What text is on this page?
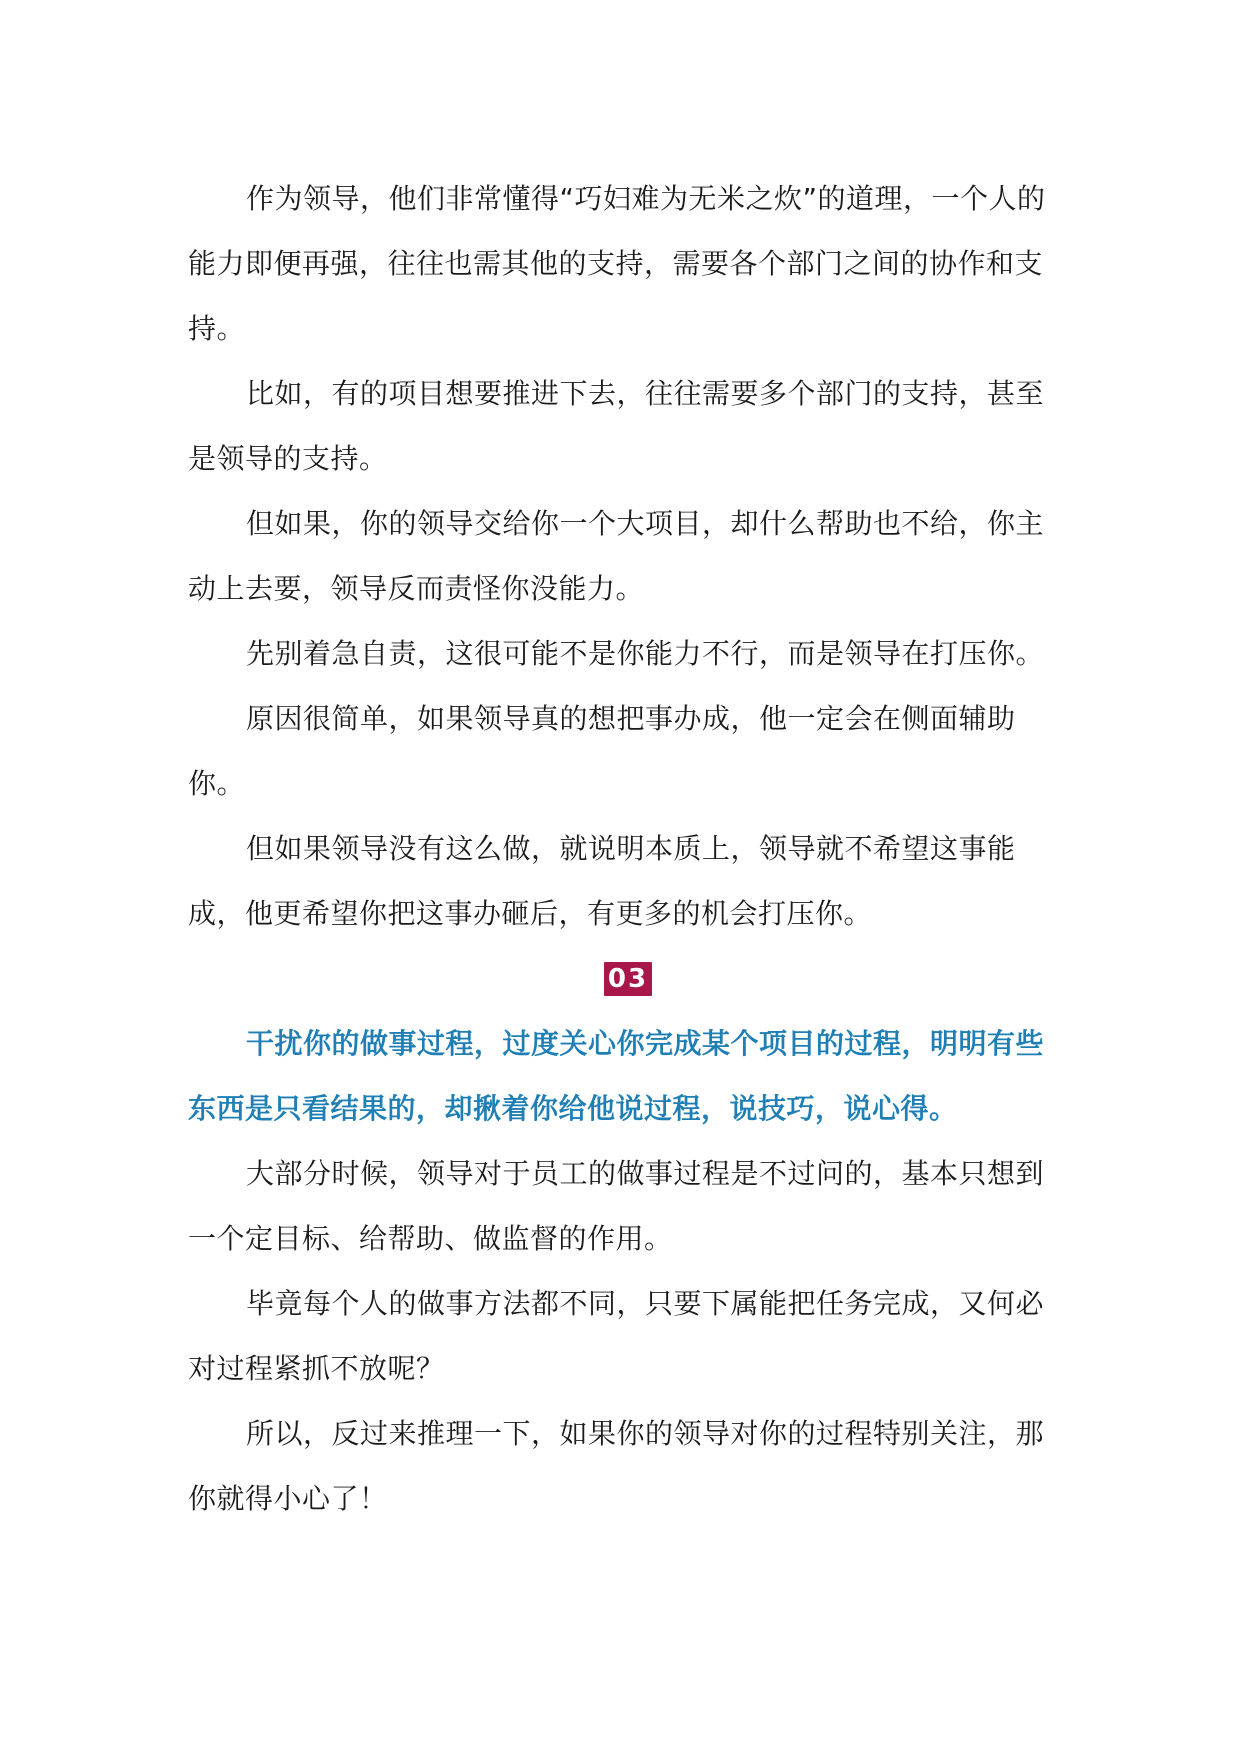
作为领导，他们非常懂得“巧妇难为无米之炊”的道理，一个人的能力即便再强，往往也需其他的支持，需要各个部门之间的协作和支持。

比如，有的项目想要推进下去，往往需要多个部门的支持，甚至是领导的支持。

但如果，你的领导交给你一个大项目，却什么帮助也不给，你主动上去要，领导反而责怪你没能力。

先别着急自责，这很可能不是你能力不行，而是领导在打压你。

原因很简单，如果领导真的想把事办成，他一定会在侧面辅助你。

但如果领导没有这么做，就说明本质上，领导就不希望这事能成，他更希望你把这事办砸后，有更多的机会打压你。

03

干扰你的做事过程，过度关心你完成某个项目的过程，明明有些东西是只看结果的，却揪着你给他说过程，说技巧，说心得。

大部分时候，领导对于员工的做事过程是不过问的，基本只想到一个定目标、给帮助、做监督的作用。

毕竟每个人的做事方法都不同，只要下属能把任务完成，又何必对过程紧抓不放呢？

所以，反过来推理一下，如果你的领导对你的过程特别关注，那你就得小心了！
